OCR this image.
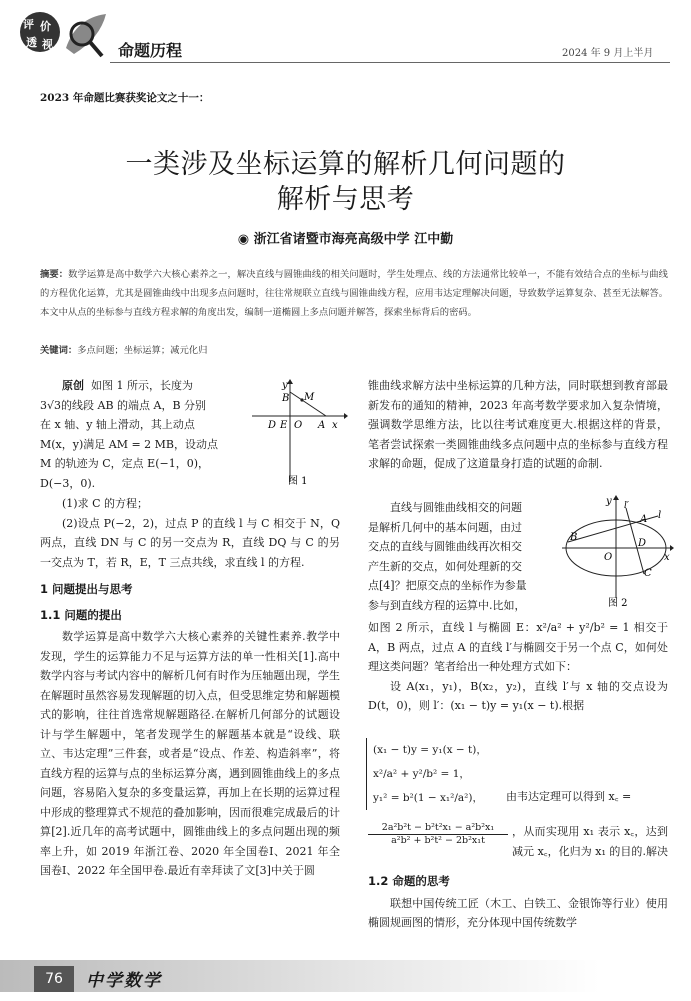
评 价
透 视	命题历程	2024 年 9 月上半月
2023 年命题比赛获奖论文之十一：
一类涉及坐标运算的解析几何问题的
解析与思考
◉ 浙江省诸暨市海亮高级中学 江中勤
摘要：数学运算是高中数学六大核心素养之一，解决直线与圆锥曲线的相关问题时，学生处理点、线的方法通常比较单一，不能有效结合点的坐标与曲线的方程优化运算，尤其是圆锥曲线中出现多点问题时，往往常规联立直线与圆锥曲线方程，应用韦达定理解决问题，导致数学运算复杂、甚至无法解答。本文中从点的坐标参与直线方程求解的角度出发，编制一道椭圆上多点问题并解答，探索坐标背后的密码。
关键词：多点问题；坐标运算；减元化归

原创 如图 1 所示，长度为

3√3的线段 AB 的端点 A，B 分别

在 x 轴、y 轴上滑动，其上动点

M(x，y)满足 AM = 2 MB，设动点

M 的轨迹为 C，定点 E(−1，0)，

D(−3，0).

y
B M
D E O A x
图 1

(1)求 C 的方程；

(2)设点 P(−2，2)，过点 P 的直线 l 与 C 相交于 N，Q 两点，直线 DN 与 C 的另一交点为 R，直线 DQ 与 C 的另一交点为 T，若 R，E，T 三点共线，求直线 l 的方程.

1 问题提出与思考

1.1 问题的提出

数学运算是高中数学六大核心素养的关键性素养.教学中发现，学生的运算能力不足与运算方法的单一性相关[1].高中数学内容与考试内容中的解析几何有时作为压轴题出现，学生在解题时虽然容易发现解题的切入点，但受思维定势和解题模式的影响，往往首选常规解题路径.在解析几何部分的试题设计与学生解题中，笔者发现学生的解题基本就是“设线、联立、韦达定理”三件套，或者是“设点、作差、构造斜率”，将直线方程的运算与点的坐标运算分离，遇到圆锥曲线上的多点问题，容易陷入复杂的多变量运算，再加上在长期的运算过程中形成的整理算式不规范的叠加影响，因而很难完成最后的计算[2].近几年的高考试题中，圆锥曲线上的多点问题出现的频率上升，如 2019 年浙江卷、2020 年全国卷Ⅰ、2021 年全国卷Ⅰ、2022 年全国甲卷.最近有幸拜读了文[3]中关于圆

锥曲线求解方法中坐标运算的几种方法，同时联想到教育部最新发布的通知的精神，2023 年高考数学要求加入复杂情境，强调数学思维方法，比以往考试难度更大.根据这样的背景，笔者尝试探索一类圆锥曲线多点问题中点的坐标参与直线方程求解的命题，促成了这道量身打造的试题的命制.

直线与圆锥曲线相交的问题

是解析几何中的基本问题，由过

交点的直线与圆锥曲线再次相交

产生新的交点，如何处理新的交

点[4]？把原交点的坐标作为参量

参与到直线方程的运算中.比如，

y l′
A l
B
D
O	x
C
图 2

如图 2 所示，直线 l 与椭圆 E：x²/a² + y²/b² = 1 相交于 A，B 两点，过点 A 的直线 l′与椭圆交于另一个点 C，如何处理这类问题？笔者给出一种处理方式如下：

设 A(x₁，y₁)，B(x₂，y₂)，直线 l′与 x 轴的交点设为 D(t，0)，则 l′：(x₁ − t)y = y₁(x − t).根据

(x₁ − t)y = y₁(x − t)，
x²/a² + y²/b² = 1，
y₁² = b²(1 − x₁²/a²)，	由韦达定理可以得到 x꜀ =
$\frac{\text{2a²b²t − b²t²x₁ − a²b²x₁}}{\text{a²b² + b²t² − 2b²x₁t}}$ ，从而实现用 x₁ 表示 x꜀，达到减元 x꜀，化归为 x₁ 的目的.解决

1.2 命题的思考

联想中国传统工匠（木工、白铁工、金银饰等行业）使用椭圆规画图的情形，充分体现中国传统数学

76	中学数学
